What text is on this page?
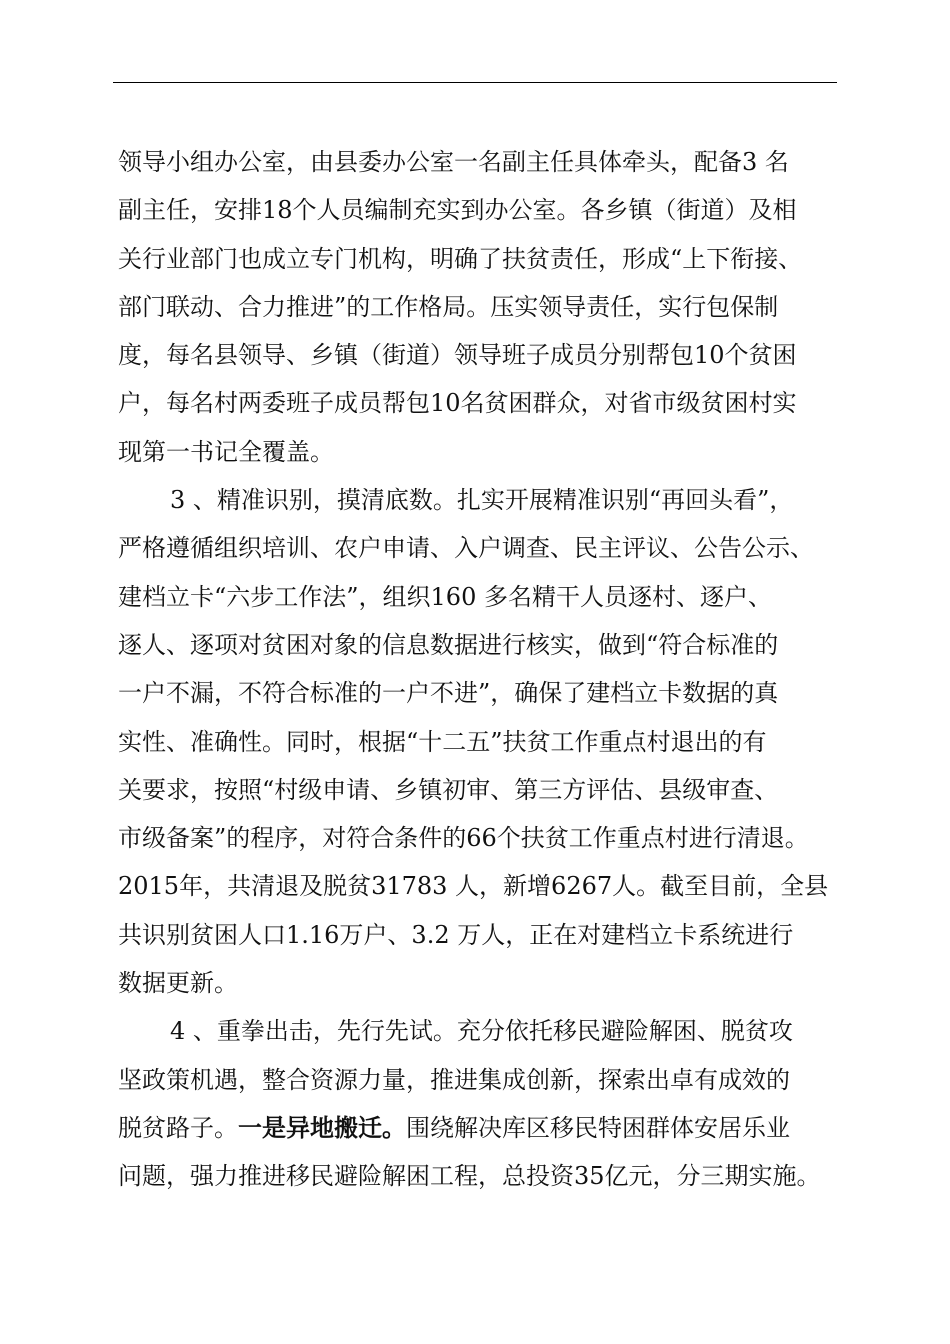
领导小组办公室，由县委办公室一名副主任具体牵头，配备3 名
副主任，安排18个人员编制充实到办公室。各乡镇（街道）及相
关行业部门也成立专门机构，明确了扶贫责任，形成“上下衔接、
部门联动、合力推进”的工作格局。压实领导责任，实行包保制
度，每名县领导、乡镇（街道）领导班子成员分别帮包10个贫困
户，每名村两委班子成员帮包10名贫困群众，对省市级贫困村实
现第一书记全覆盖。
3 、精准识别，摸清底数。扎实开展精准识别“再回头看”，
严格遵循组织培训、农户申请、入户调查、民主评议、公告公示、
建档立卡“六步工作法”，组织160 多名精干人员逐村、逐户、
逐人、逐项对贫困对象的信息数据进行核实，做到“符合标准的
一户不漏，不符合标准的一户不进”，确保了建档立卡数据的真
实性、准确性。同时，根据“十二五”扶贫工作重点村退出的有
关要求，按照“村级申请、乡镇初审、第三方评估、县级审查、
市级备案”的程序，对符合条件的66个扶贫工作重点村进行清退。
2015年，共清退及脱贫31783 人，新增6267人。截至目前，全县
共识别贫困人口1.16万户、3.2 万人，正在对建档立卡系统进行
数据更新。
4 、重拳出击，先行先试。充分依托移民避险解困、脱贫攻
坚政策机遇，整合资源力量，推进集成创新，探索出卓有成效的
脱贫路子。一是异地搬迁。围绕解决库区移民特困群体安居乐业
问题，强力推进移民避险解困工程，总投资35亿元，分三期实施。
